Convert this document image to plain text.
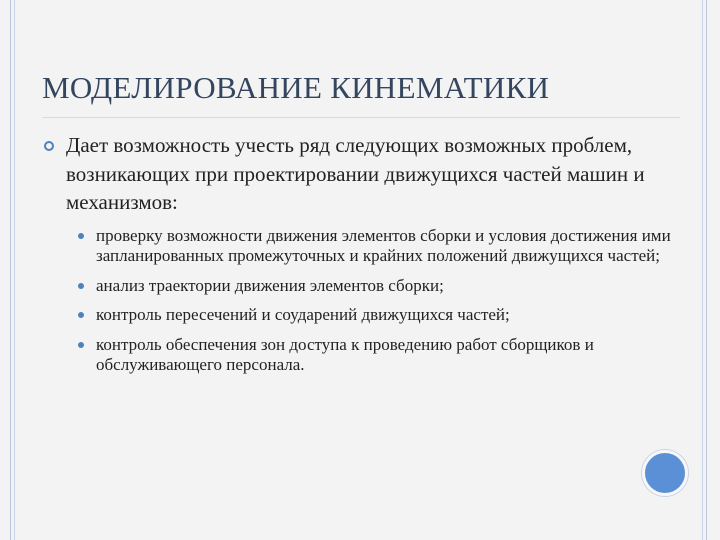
МОДЕЛИРОВАНИЕ КИНЕМАТИКИ
Дает возможность учесть ряд следующих возможных проблем, возникающих при проектировании движущихся частей машин и механизмов:
проверку возможности движения элементов сборки и условия достижения ими запланированных промежуточных и крайних положений движущихся частей;
анализ траектории движения элементов сборки;
контроль пересечений и соударений движущихся частей;
контроль обеспечения зон доступа к проведению работ сборщиков и обслуживающего персонала.
